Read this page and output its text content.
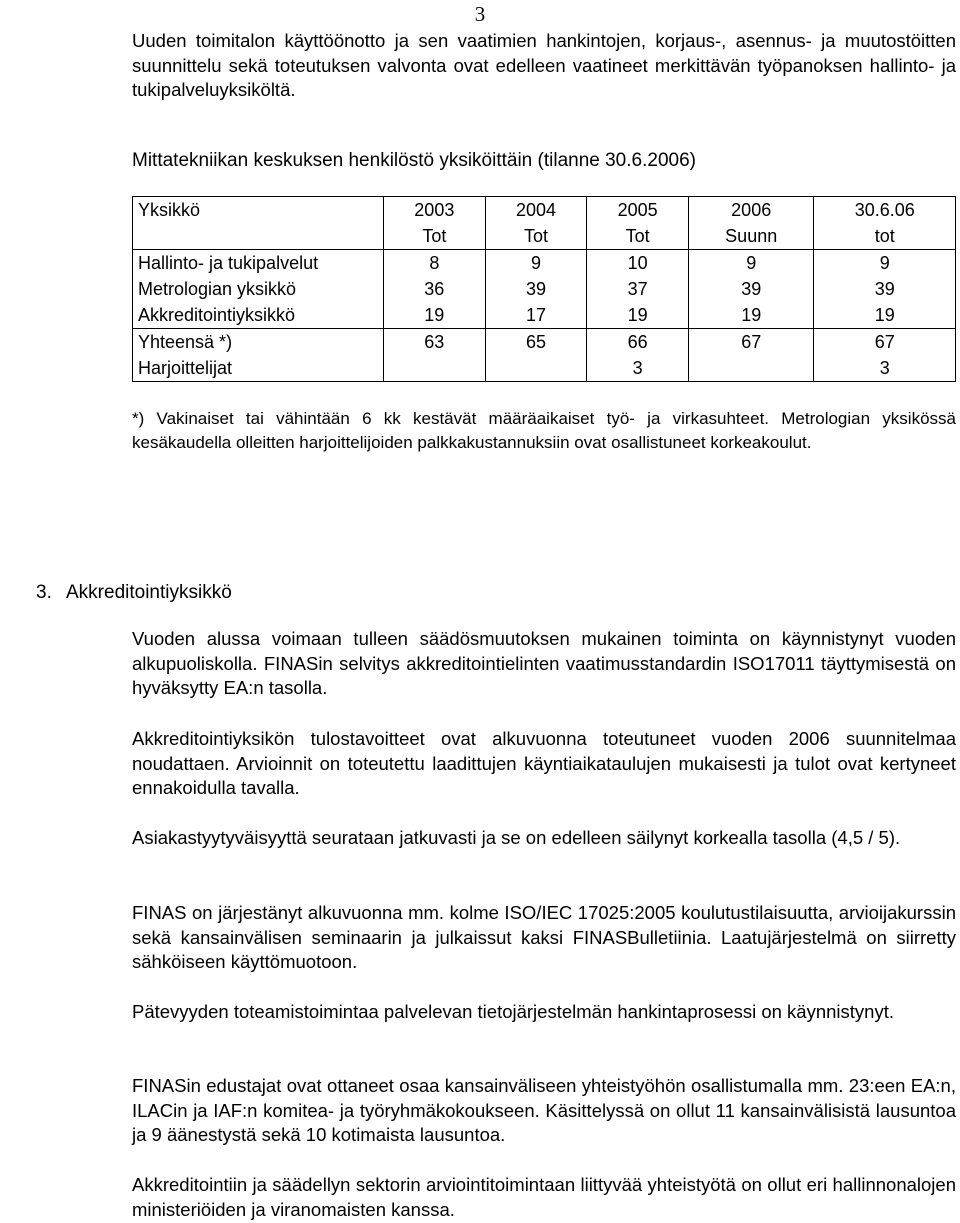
3

Uuden toimitalon käyttöönotto ja sen vaatimien hankintojen, korjaus-, asennus- ja muutostöitten suunnittelu sekä toteutuksen valvonta ovat edelleen vaatineet merkittävän työpanoksen hallinto- ja tukipalveluyksiköltä.

Mittatekniikan keskuksen henkilöstö yksiköittäin (tilanne 30.6.2006)
Yksikkö	2003	2004	2005	2006	30.6.06
	Tot	Tot	Tot	Suunn	tot
Hallinto- ja tukipalvelut	8	9	10	9	9
Metrologian yksikkö	36	39	37	39	39
Akkreditointiyksikkö	19	17	19	19	19
Yhteensä *)	63	65	66	67	67
Harjoittelijat			3		3

*) Vakinaiset tai vähintään 6 kk kestävät määräaikaiset työ- ja virkasuhteet. Metrologian yksikössä kesäkaudella olleitten harjoittelijoiden palkkakustannuksiin ovat osallistuneet korkeakoulut.

3. Akkreditointiyksikkö

Vuoden alussa voimaan tulleen säädösmuutoksen mukainen toiminta on käynnistynyt vuoden alkupuoliskolla. FINASin selvitys akkreditointielinten vaatimusstandardin ISO17011 täyttymisestä on hyväksytty EA:n tasolla.

Akkreditointiyksikön tulostavoitteet ovat alkuvuonna toteutuneet vuoden 2006 suunnitelmaa noudattaen. Arvioinnit on toteutettu laadittujen käyntiaikataulujen mukaisesti ja tulot ovat kertyneet ennakoidulla tavalla.

Asiakastyytyväisyyttä seurataan jatkuvasti ja se on edelleen säilynyt korkealla tasolla (4,5 / 5).

FINAS on järjestänyt alkuvuonna mm. kolme ISO/IEC 17025:2005 koulutustilaisuutta, arvioijakurssin sekä kansainvälisen seminaarin ja julkaissut kaksi FINASBulletiinia. Laatujärjestelmä on siirretty sähköiseen käyttömuotoon.

Pätevyyden toteamistoimintaa palvelevan tietojärjestelmän hankintaprosessi on käynnistynyt.

FINASin edustajat ovat ottaneet osaa kansainväliseen yhteistyöhön osallistumalla mm. 23:een EA:n, ILACin ja IAF:n komitea- ja työryhmäkokoukseen. Käsittelyssä on ollut 11 kansainvälisistä lausuntoa ja 9 äänestystä sekä 10 kotimaista lausuntoa.

Akkreditointiin ja säädellyn sektorin arviointitoimintaan liittyvää yhteistyötä on ollut eri hallinnonalojen ministeriöiden ja viranomaisten kanssa.
